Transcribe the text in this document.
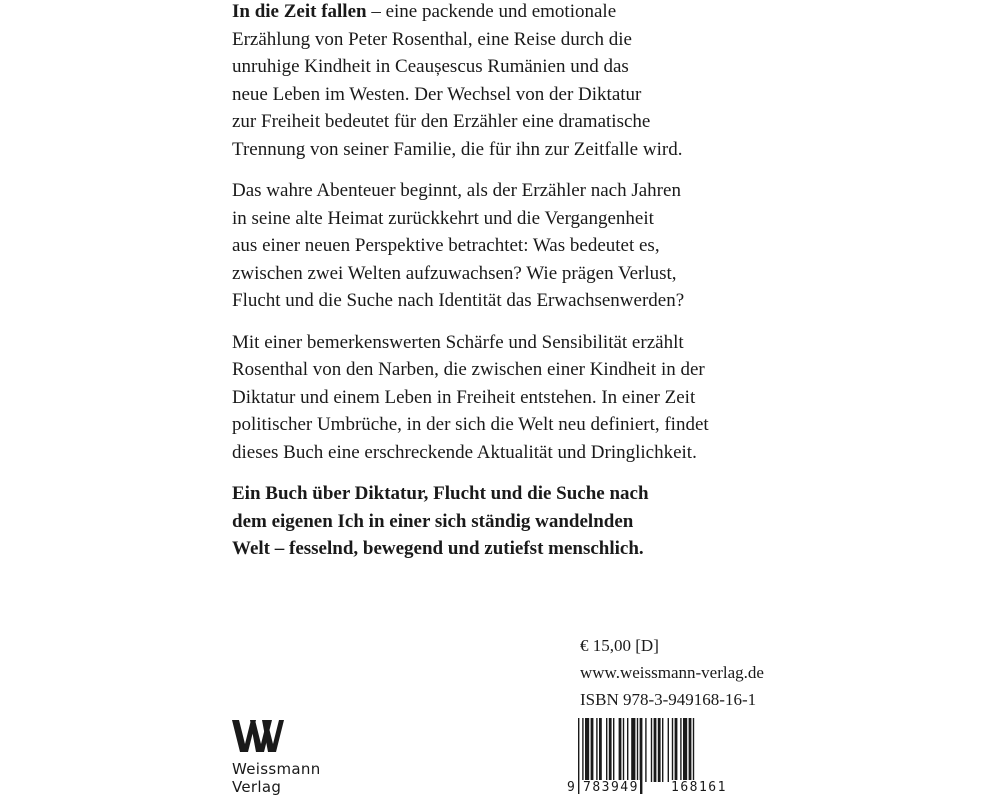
In die Zeit fallen – eine packende und emotionale
Erzählung von Peter Rosenthal, eine Reise durch die
unruhige Kindheit in Ceaușescus Rumänien und das
neue Leben im Westen. Der Wechsel von der Diktatur
zur Freiheit bedeutet für den Erzähler eine dramatische
Trennung von seiner Familie, die für ihn zur Zeitfalle wird.

Das wahre Abenteuer beginnt, als der Erzähler nach Jahren
in seine alte Heimat zurückkehrt und die Vergangenheit
aus einer neuen Perspektive betrachtet: Was bedeutet es,
zwischen zwei Welten aufzuwachsen? Wie prägen Verlust,
Flucht und die Suche nach Identität das Erwachsenwerden?

Mit einer bemerkenswerten Schärfe und Sensibilität erzählt
Rosenthal von den Narben, die zwischen einer Kindheit in der
Diktatur und einem Leben in Freiheit entstehen. In einer Zeit
politischer Umbrüche, in der sich die Welt neu definiert, findet
dieses Buch eine erschreckende Aktualität und Dringlichkeit.

Ein Buch über Diktatur, Flucht und die Suche nach
dem eigenen Ich in einer sich ständig wandelnden
Welt – fesselnd, bewegend und zutiefst menschlich.

€ 15,00 [D]
www.weissmann-verlag.de
ISBN 978-3-949168-16-1
Weissmann
Verlag	9 783949 168161
